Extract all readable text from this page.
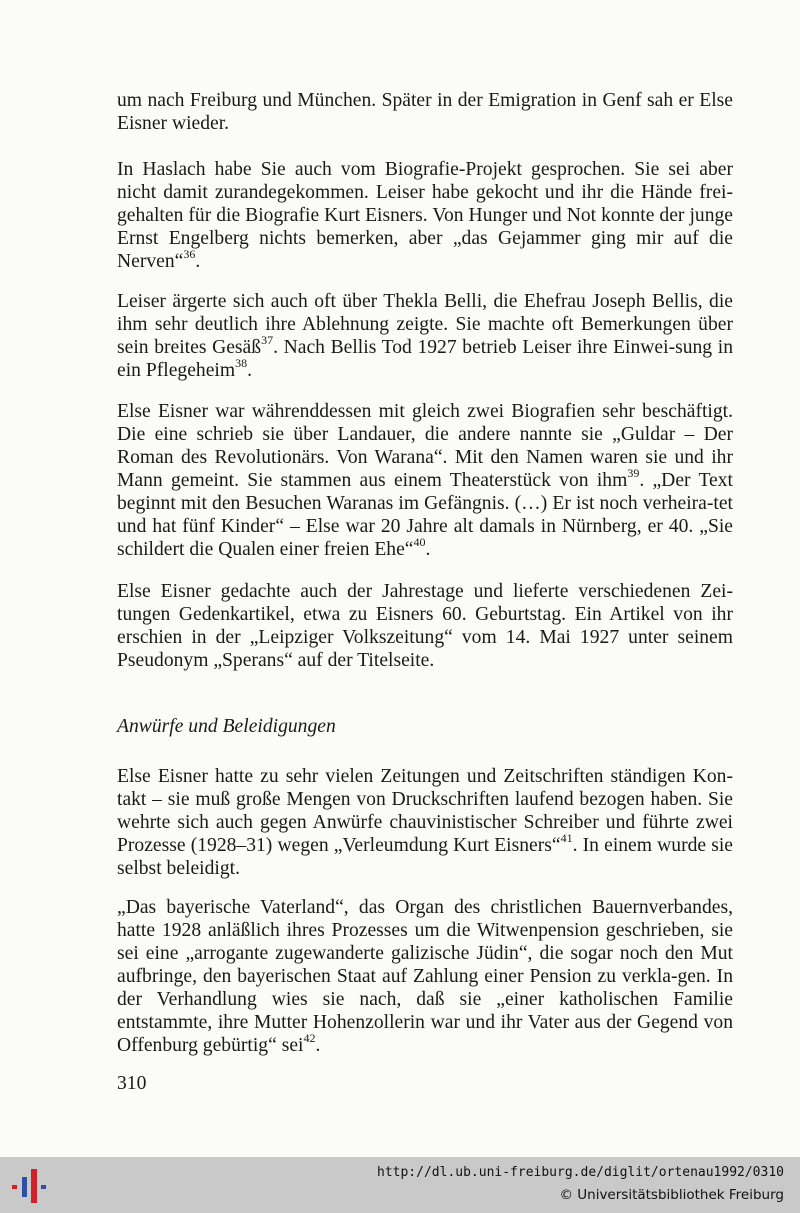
um nach Freiburg und München. Später in der Emigration in Genf sah er Else Eisner wieder.

In Haslach habe Sie auch vom Biografie-Projekt gesprochen. Sie sei aber nicht damit zurandegekommen. Leiser habe gekocht und ihr die Hände frei-gehalten für die Biografie Kurt Eisners. Von Hunger und Not konnte der junge Ernst Engelberg nichts bemerken, aber „das Gejammer ging mir auf die Nerven“$^{36}$.

Leiser ärgerte sich auch oft über Thekla Belli, die Ehefrau Joseph Bellis, die ihm sehr deutlich ihre Ablehnung zeigte. Sie machte oft Bemerkungen über sein breites Gesäß$^{37}$. Nach Bellis Tod 1927 betrieb Leiser ihre Einwei-sung in ein Pflegeheim$^{38}$.

Else Eisner war währenddessen mit gleich zwei Biografien sehr beschäftigt. Die eine schrieb sie über Landauer, die andere nannte sie „Guldar – Der Roman des Revolutionärs. Von Warana“. Mit den Namen waren sie und ihr Mann gemeint. Sie stammen aus einem Theaterstück von ihm$^{39}$. „Der Text beginnt mit den Besuchen Waranas im Gefängnis. (…) Er ist noch verheira-tet und hat fünf Kinder“ – Else war 20 Jahre alt damals in Nürnberg, er 40. „Sie schildert die Qualen einer freien Ehe“$^{40}$.

Else Eisner gedachte auch der Jahrestage und lieferte verschiedenen Zei-tungen Gedenkartikel, etwa zu Eisners 60. Geburtstag. Ein Artikel von ihr erschien in der „Leipziger Volkszeitung“ vom 14. Mai 1927 unter seinem Pseudonym „Sperans“ auf der Titelseite.

Anwürfe und Beleidigungen

Else Eisner hatte zu sehr vielen Zeitungen und Zeitschriften ständigen Kon-takt – sie muß große Mengen von Druckschriften laufend bezogen haben. Sie wehrte sich auch gegen Anwürfe chauvinistischer Schreiber und führte zwei Prozesse (1928–31) wegen „Verleumdung Kurt Eisners“$^{41}$. In einem wurde sie selbst beleidigt.

„Das bayerische Vaterland“, das Organ des christlichen Bauernverbandes, hatte 1928 anläßlich ihres Prozesses um die Witwenpension geschrieben, sie sei eine „arrogante zugewanderte galizische Jüdin“, die sogar noch den Mut aufbringe, den bayerischen Staat auf Zahlung einer Pension zu verkla-gen. In der Verhandlung wies sie nach, daß sie „einer katholischen Familie entstammte, ihre Mutter Hohenzollerin war und ihr Vater aus der Gegend von Offenburg gebürtig“ sei$^{42}$.

310
http://dl.ub.uni-freiburg.de/diglit/ortenau1992/0310
© Universitätsbibliothek Freiburg
